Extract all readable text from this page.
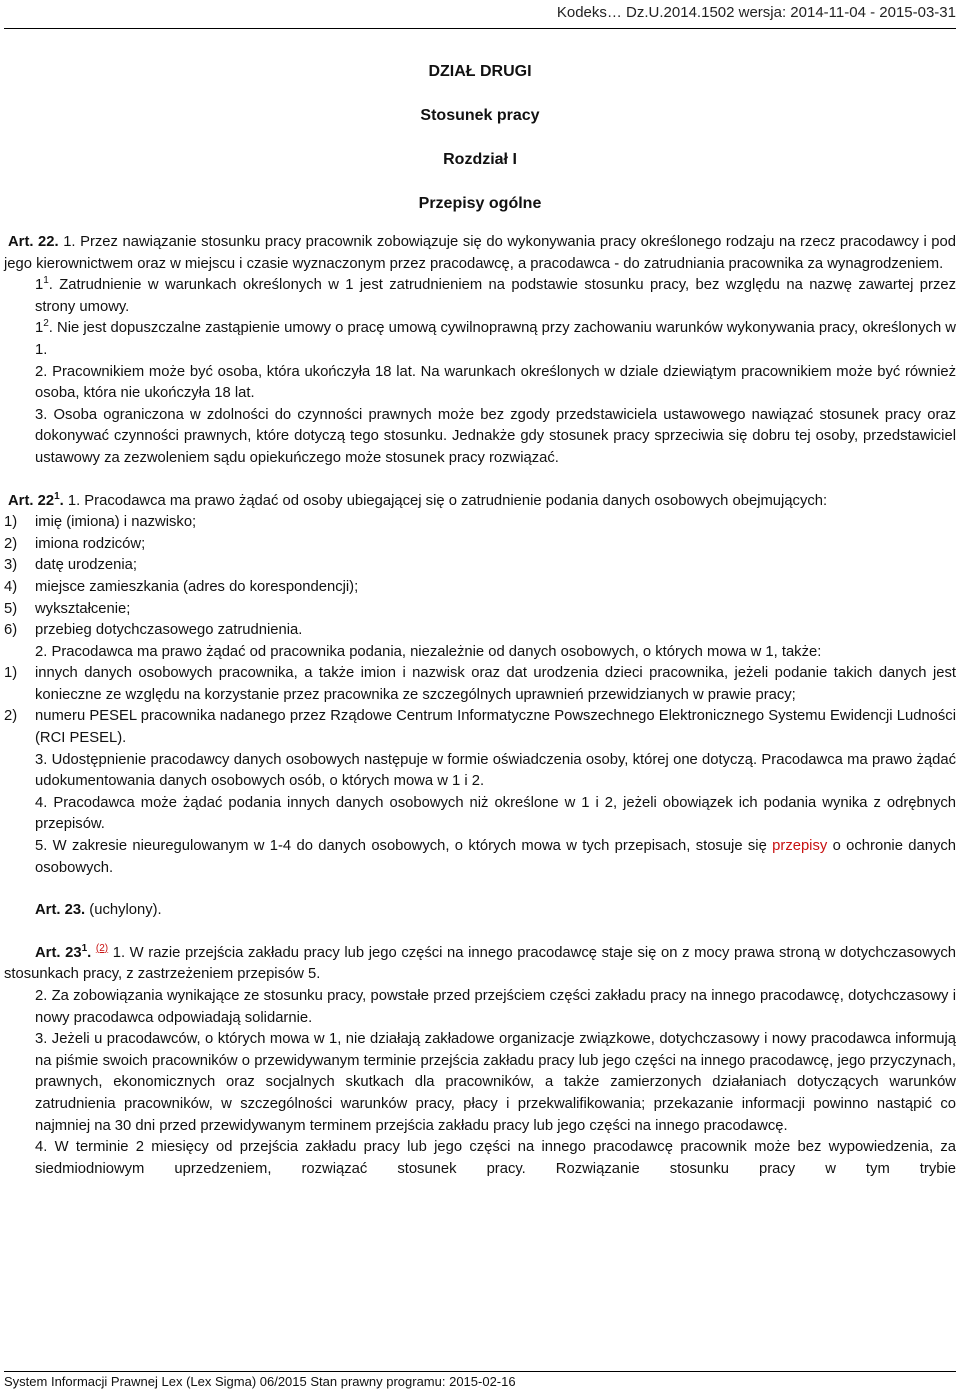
Kodeks… Dz.U.2014.1502 wersja: 2014-11-04 - 2015-03-31
DZIAŁ DRUGI
Stosunek pracy
Rozdział I
Przepisy ogólne

Art. 22. 1. Przez nawiązanie stosunku pracy pracownik zobowiązuje się do wykonywania pracy określonego rodzaju na rzecz pracodawcy i pod jego kierownictwem oraz w miejscu i czasie wyznaczonym przez pracodawcę, a pracodawca - do zatrudniania pracownika za wynagrodzeniem.

$1^1$. Zatrudnienie w warunkach określonych w 1 jest zatrudnieniem na podstawie stosunku pracy, bez względu na nazwę zawartej przez strony umowy.

$1^2$. Nie jest dopuszczalne zastąpienie umowy o pracę umową cywilnoprawną przy zachowaniu warunków wykonywania pracy, określonych w 1.

2. Pracownikiem może być osoba, która ukończyła 18 lat. Na warunkach określonych w dziale dziewiątym pracownikiem może być również osoba, która nie ukończyła 18 lat.

3. Osoba ograniczona w zdolności do czynności prawnych może bez zgody przedstawiciela ustawowego nawiązać stosunek pracy oraz dokonywać czynności prawnych, które dotyczą tego stosunku. Jednakże gdy stosunek pracy sprzeciwia się dobru tej osoby, przedstawiciel ustawowy za zezwoleniem sądu opiekuńczego może stosunek pracy rozwiązać.

Art. $22^1$. 1. Pracodawca ma prawo żądać od osoby ubiegającej się o zatrudnienie podania danych osobowych obejmujących:

1) imię (imiona) i nazwisko;

2) imiona rodziców;

3) datę urodzenia;

4) miejsce zamieszkania (adres do korespondencji);

5) wykształcenie;

6) przebieg dotychczasowego zatrudnienia.

2. Pracodawca ma prawo żądać od pracownika podania, niezależnie od danych osobowych, o których mowa w 1, także:

1) innych danych osobowych pracownika, a także imion i nazwisk oraz dat urodzenia dzieci pracownika, jeżeli podanie takich danych jest konieczne ze względu na korzystanie przez pracownika ze szczególnych uprawnień przewidzianych w prawie pracy;

2) numeru PESEL pracownika nadanego przez Rządowe Centrum Informatyczne Powszechnego Elektronicznego Systemu Ewidencji Ludności (RCI PESEL).

3. Udostępnienie pracodawcy danych osobowych następuje w formie oświadczenia osoby, której one dotyczą. Pracodawca ma prawo żądać udokumentowania danych osobowych osób, o których mowa w 1 i 2.

4. Pracodawca może żądać podania innych danych osobowych niż określone w 1 i 2, jeżeli obowiązek ich podania wynika z odrębnych przepisów.

5. W zakresie nieuregulowanym w 1-4 do danych osobowych, o których mowa w tych przepisach, stosuje się przepisy o ochronie danych osobowych.

Art. 23. (uchylony).

Art. $23^1$. $^{(2)}$ 1. W razie przejścia zakładu pracy lub jego części na innego pracodawcę staje się on z mocy prawa stroną w dotychczasowych stosunkach pracy, z zastrzeżeniem przepisów 5.

2. Za zobowiązania wynikające ze stosunku pracy, powstałe przed przejściem części zakładu pracy na innego pracodawcę, dotychczasowy i nowy pracodawca odpowiadają solidarnie.

3. Jeżeli u pracodawców, o których mowa w 1, nie działają zakładowe organizacje związkowe, dotychczasowy i nowy pracodawca informują na piśmie swoich pracowników o przewidywanym terminie przejścia zakładu pracy lub jego części na innego pracodawcę, jego przyczynach, prawnych, ekonomicznych oraz socjalnych skutkach dla pracowników, a także zamierzonych działaniach dotyczących warunków zatrudnienia pracowników, w szczególności warunków pracy, płacy i przekwalifikowania; przekazanie informacji powinno nastąpić co najmniej na 30 dni przed przewidywanym terminem przejścia zakładu pracy lub jego części na innego pracodawcę.

4. W terminie 2 miesięcy od przejścia zakładu pracy lub jego części na innego pracodawcę pracownik może bez wypowiedzenia, za siedmiodniowym uprzedzeniem, rozwiązać stosunek pracy. Rozwiązanie stosunku pracy w tym trybie

System Informacji Prawnej Lex (Lex Sigma) 06/2015 Stan prawny programu: 2015-02-16
